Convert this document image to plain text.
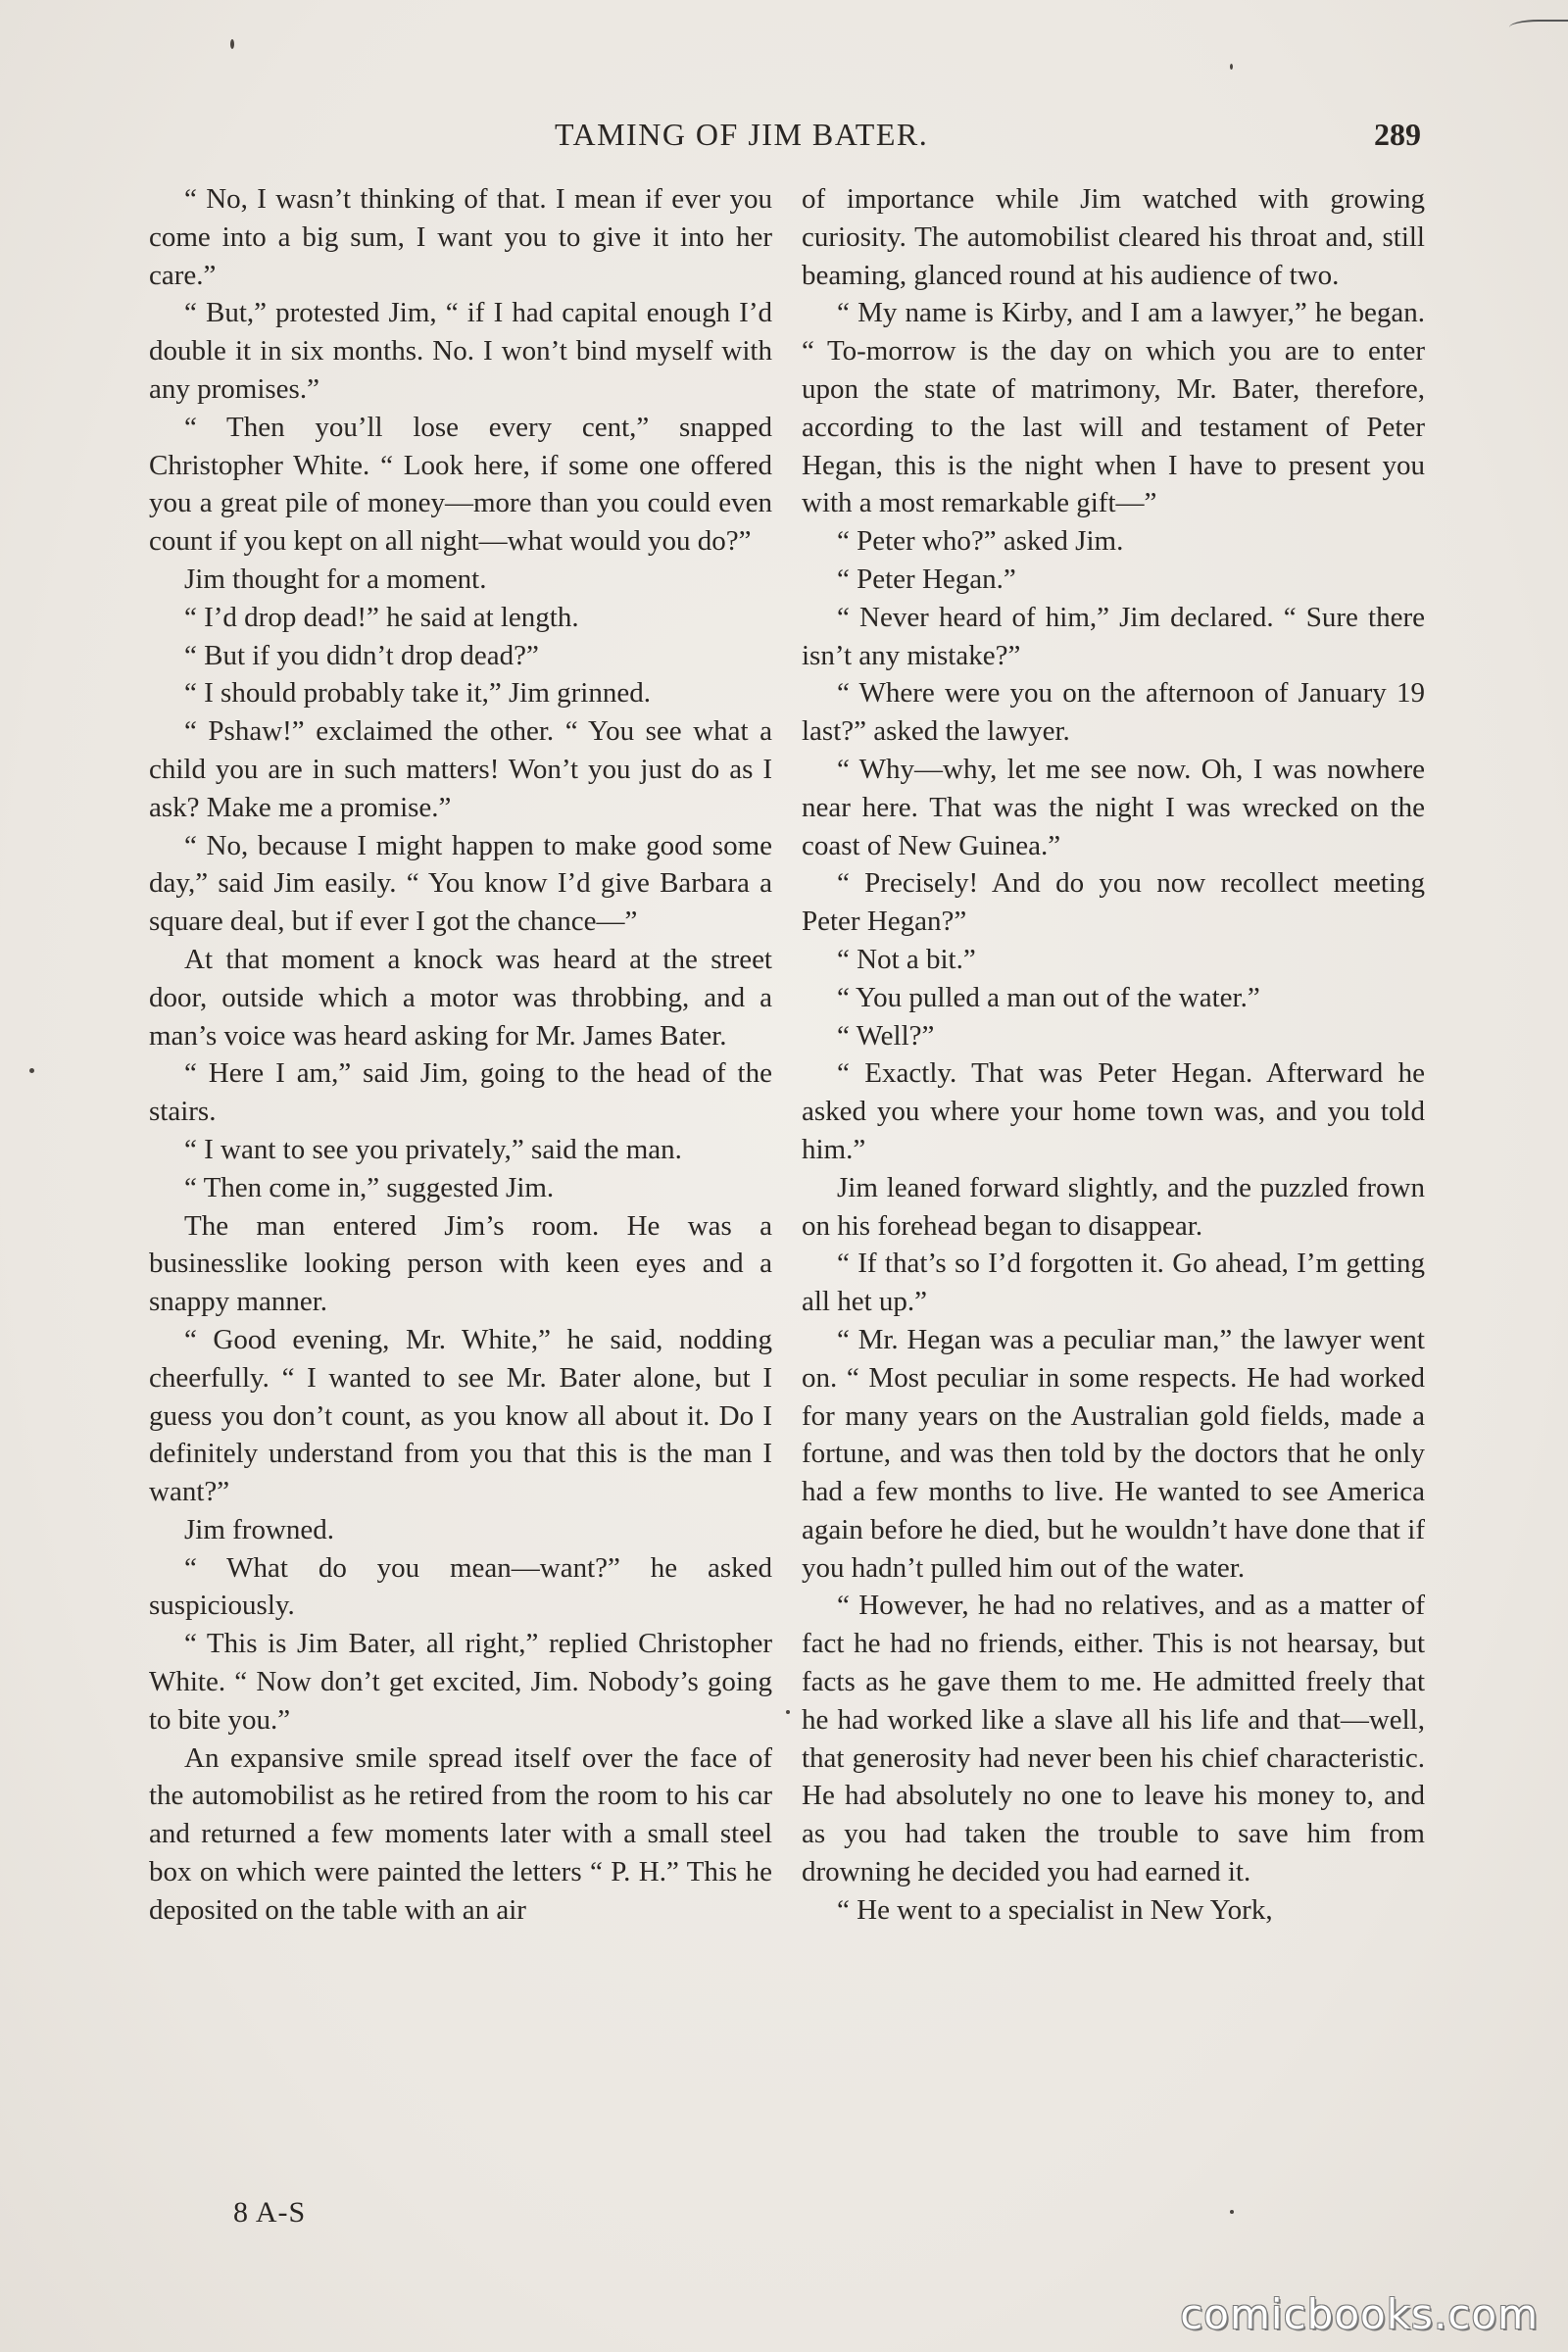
TAMING OF JIM BATER.	289

“ No, I wasn’t thinking of that. I mean if ever you come into a big sum, I want you to give it into her care.”

“ But,” protested Jim, “ if I had capital enough I’d double it in six months. No. I won’t bind myself with any promises.”

“ Then you’ll lose every cent,” snapped Christopher White. “ Look here, if some one offered you a great pile of money—more than you could even count if you kept on all night—what would you do?”

Jim thought for a moment.

“ I’d drop dead!” he said at length.

“ But if you didn’t drop dead?”

“ I should probably take it,” Jim grinned.

“ Pshaw!” exclaimed the other. “ You see what a child you are in such matters! Won’t you just do as I ask? Make me a promise.”

“ No, because I might happen to make good some day,” said Jim easily. “ You know I’d give Barbara a square deal, but if ever I got the chance—”

At that moment a knock was heard at the street door, outside which a motor was throbbing, and a man’s voice was heard asking for Mr. James Bater.

“ Here I am,” said Jim, going to the head of the stairs.

“ I want to see you privately,” said the man.

“ Then come in,” suggested Jim.

The man entered Jim’s room. He was a businesslike looking person with keen eyes and a snappy manner.

“ Good evening, Mr. White,” he said, nodding cheerfully. “ I wanted to see Mr. Bater alone, but I guess you don’t count, as you know all about it. Do I definitely understand from you that this is the man I want?”

Jim frowned.

“ What do you mean—want?” he asked suspiciously.

“ This is Jim Bater, all right,” replied Christopher White. “ Now don’t get excited, Jim. Nobody’s going to bite you.”

An expansive smile spread itself over the face of the automobilist as he retired from the room to his car and returned a few moments later with a small steel box on which were painted the letters “ P. H.” This he deposited on the table with an air

of importance while Jim watched with growing curiosity. The automobilist cleared his throat and, still beaming, glanced round at his audience of two.

“ My name is Kirby, and I am a lawyer,” he began. “ To-morrow is the day on which you are to enter upon the state of matrimony, Mr. Bater, therefore, according to the last will and testament of Peter Hegan, this is the night when I have to present you with a most remarkable gift—”

“ Peter who?” asked Jim.

“ Peter Hegan.”

“ Never heard of him,” Jim declared. “ Sure there isn’t any mistake?”

“ Where were you on the afternoon of January 19 last?” asked the lawyer.

“ Why—why, let me see now. Oh, I was nowhere near here. That was the night I was wrecked on the coast of New Guinea.”

“ Precisely! And do you now recollect meeting Peter Hegan?”

“ Not a bit.”

“ You pulled a man out of the water.”

“ Well?”

“ Exactly. That was Peter Hegan. Afterward he asked you where your home town was, and you told him.”

Jim leaned forward slightly, and the puzzled frown on his forehead began to disappear.

“ If that’s so I’d forgotten it. Go ahead, I’m getting all het up.”

“ Mr. Hegan was a peculiar man,” the lawyer went on. “ Most peculiar in some respects. He had worked for many years on the Australian gold fields, made a fortune, and was then told by the doctors that he only had a few months to live. He wanted to see America again before he died, but he wouldn’t have done that if you hadn’t pulled him out of the water.

“ However, he had no relatives, and as a matter of fact he had no friends, either. This is not hearsay, but facts as he gave them to me. He admitted freely that he had worked like a slave all his life and that—well, that generosity had never been his chief characteristic. He had absolutely no one to leave his money to, and as you had taken the trouble to save him from drowning he decided you had earned it.

“ He went to a specialist in New York,

8 A-S
comicbooks.com
